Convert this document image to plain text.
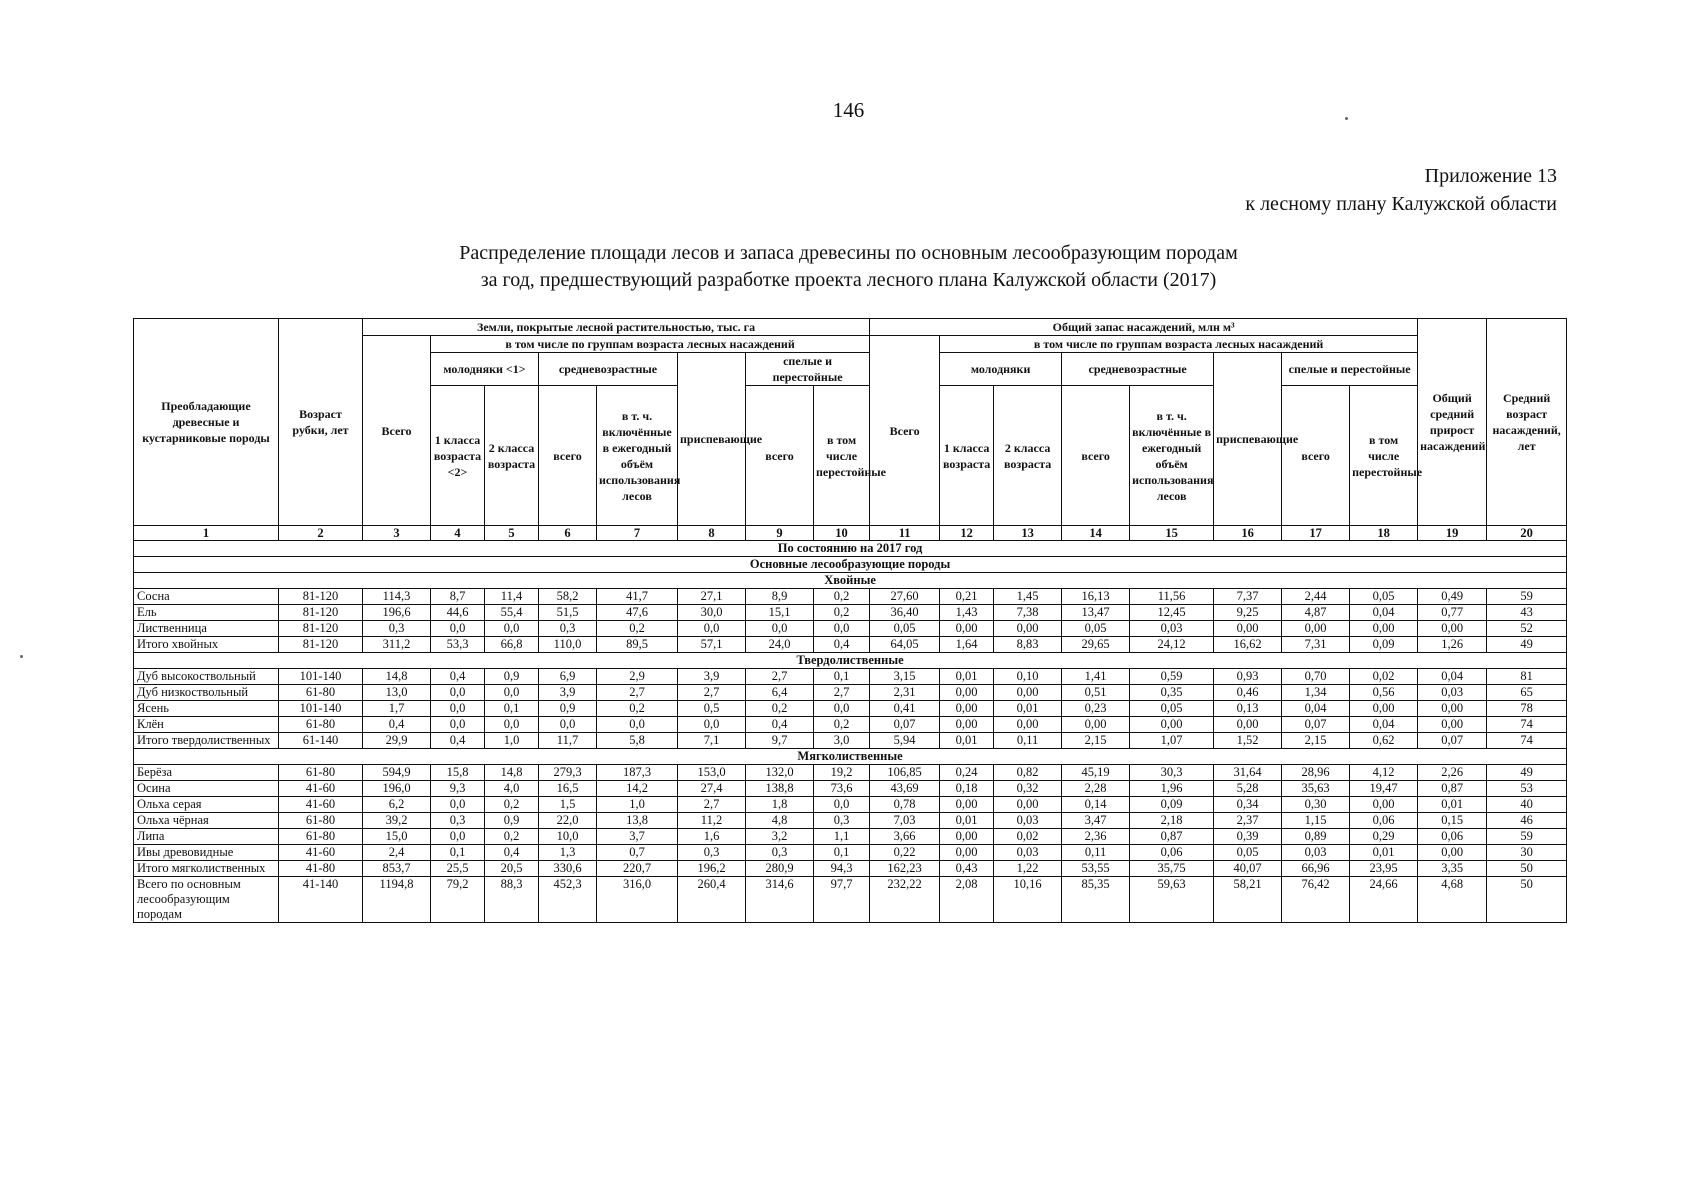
146
Приложение 13
к лесному плану Калужской области
Распределение площади лесов и запаса древесины по основным лесообразующим породам
за год, предшествующий разработке проекта лесного плана Калужской области (2017)
Преобладающие древесные и кустарниковые породы	Возраст рубки, лет	Земли, покрытые лесной растительностью, тыс. га								Общий запас насаждений, млн м³								Общий средний прирост насаждений	Средний возраст насаждений, лет
		Всего	в том числе по группам возраста лесных насаждений							Всего	в том числе по группам возраста лесных насаждений								
			молодняки <1>		средневозрастные		приспевающие	спелые и перестойные			молодняки		средневозрастные		приспевающие	спелые и перестойные			
			1 класса возраста <2>	2 класса возраста	всего	в т. ч. включённые в ежегодный объём использования лесов		всего	в том числе перестойные		1 класса возраста	2 класса возраста	всего	в т. ч. включённые в ежегодный объём использования лесов		всего	в том числе перестойные		
1	2	3	4	5	6	7	8	9	10	11	12	13	14	15	16	17	18	19	20
По состоянию на 2017 год																			
Основные лесообразующие породы																			
Хвойные																			
Сосна	81-120	114,3	8,7	11,4	58,2	41,7	27,1	8,9	0,2	27,60	0,21	1,45	16,13	11,56	7,37	2,44	0,05	0,49	59
Ель	81-120	196,6	44,6	55,4	51,5	47,6	30,0	15,1	0,2	36,40	1,43	7,38	13,47	12,45	9,25	4,87	0,04	0,77	43
Лиственница	81-120	0,3	0,0	0,0	0,3	0,2	0,0	0,0	0,0	0,05	0,00	0,00	0,05	0,03	0,00	0,00	0,00	0,00	52
Итого хвойных	81-120	311,2	53,3	66,8	110,0	89,5	57,1	24,0	0,4	64,05	1,64	8,83	29,65	24,12	16,62	7,31	0,09	1,26	49
Твердолиственные																			
Дуб высокоствольный	101-140	14,8	0,4	0,9	6,9	2,9	3,9	2,7	0,1	3,15	0,01	0,10	1,41	0,59	0,93	0,70	0,02	0,04	81
Дуб низкоствольный	61-80	13,0	0,0	0,0	3,9	2,7	2,7	6,4	2,7	2,31	0,00	0,00	0,51	0,35	0,46	1,34	0,56	0,03	65
Ясень	101-140	1,7	0,0	0,1	0,9	0,2	0,5	0,2	0,0	0,41	0,00	0,01	0,23	0,05	0,13	0,04	0,00	0,00	78
Клён	61-80	0,4	0,0	0,0	0,0	0,0	0,0	0,4	0,2	0,07	0,00	0,00	0,00	0,00	0,00	0,07	0,04	0,00	74
Итого твердолиственных	61-140	29,9	0,4	1,0	11,7	5,8	7,1	9,7	3,0	5,94	0,01	0,11	2,15	1,07	1,52	2,15	0,62	0,07	74
Мягколиственные																			
Берёза	61-80	594,9	15,8	14,8	279,3	187,3	153,0	132,0	19,2	106,85	0,24	0,82	45,19	30,3	31,64	28,96	4,12	2,26	49
Осина	41-60	196,0	9,3	4,0	16,5	14,2	27,4	138,8	73,6	43,69	0,18	0,32	2,28	1,96	5,28	35,63	19,47	0,87	53
Ольха серая	41-60	6,2	0,0	0,2	1,5	1,0	2,7	1,8	0,0	0,78	0,00	0,00	0,14	0,09	0,34	0,30	0,00	0,01	40
Ольха чёрная	61-80	39,2	0,3	0,9	22,0	13,8	11,2	4,8	0,3	7,03	0,01	0,03	3,47	2,18	2,37	1,15	0,06	0,15	46
Липа	61-80	15,0	0,0	0,2	10,0	3,7	1,6	3,2	1,1	3,66	0,00	0,02	2,36	0,87	0,39	0,89	0,29	0,06	59
Ивы древовидные	41-60	2,4	0,1	0,4	1,3	0,7	0,3	0,3	0,1	0,22	0,00	0,03	0,11	0,06	0,05	0,03	0,01	0,00	30
Итого мягколиственных	41-80	853,7	25,5	20,5	330,6	220,7	196,2	280,9	94,3	162,23	0,43	1,22	53,55	35,75	40,07	66,96	23,95	3,35	50
Всего по основным лесообразующим породам	41-140	1194,8	79,2	88,3	452,3	316,0	260,4	314,6	97,7	232,22	2,08	10,16	85,35	59,63	58,21	76,42	24,66	4,68	50
